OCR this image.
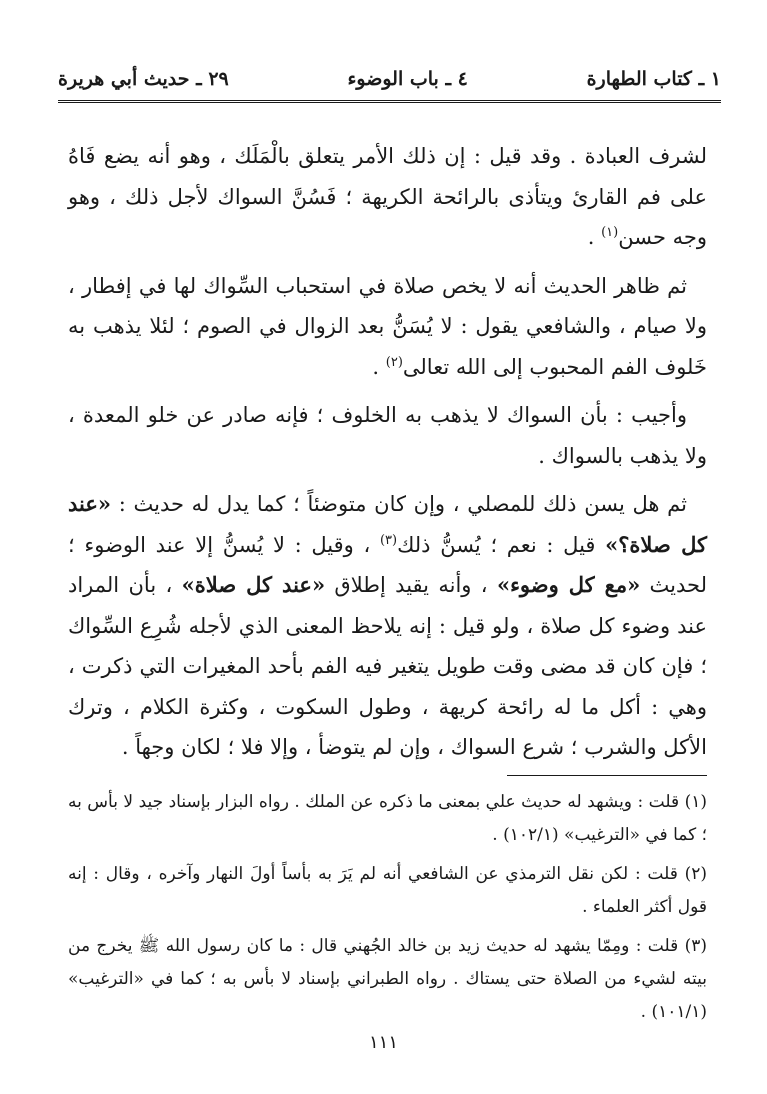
١ ـ كتاب الطهارة
٤ ـ باب الوضوء
٢٩ ـ حديث أبي هريرة

لشرف العبادة . وقد قيل : إن ذلك الأمر يتعلق بالْمَلَك ، وهو أنه يضع فَاهُ على فم القارئ ويتأذى بالرائحة الكريهة ؛ فَسُنَّ السواك لأجل ذلك ، وهو وجه حسن$^{(١)}$ .

ثم ظاهر الحديث أنه لا يخص صلاة في استحباب السِّواك لها في إفطار ، ولا صيام ، والشافعي يقول : لا يُسَنُّ بعد الزوال في الصوم ؛ لئلا يذهب به خَلوف الفم المحبوب إلى الله تعالى$^{(٢)}$ .

وأجيب : بأن السواك لا يذهب به الخلوف ؛ فإنه صادر عن خلو المعدة ، ولا يذهب بالسواك .

ثم هل يسن ذلك للمصلي ، وإن كان متوضئاً ؛ كما يدل له حديث : «عند كل صلاة؟» قيل : نعم ؛ يُسنُّ ذلك$^{(٣)}$ ، وقيل : لا يُسنُّ إلا عند الوضوء ؛ لحديث «مع كل وضوء» ، وأنه يقيد إطلاق «عند كل صلاة» ، بأن المراد عند وضوء كل صلاة ، ولو قيل : إنه يلاحظ المعنى الذي لأجله شُرِع السِّواك ؛ فإن كان قد مضى وقت طويل يتغير فيه الفم بأحد المغيرات التي ذكرت ، وهي : أكل ما له رائحة كريهة ، وطول السكوت ، وكثرة الكلام ، وترك الأكل والشرب ؛ شرع السواك ، وإن لم يتوضأ ، وإلا فلا ؛ لكان وجهاً .

(١) قلت : ويشهد له حديث علي بمعنى ما ذكره عن الملك . رواه البزار بإسناد جيد لا بأس به ؛ كما في «الترغيب» (١٠٢/١) .

(٢) قلت : لكن نقل الترمذي عن الشافعي أنه لم يَرَ به بأساً أولَ النهار وآخره ، وقال : إنه قول أكثر العلماء .

(٣) قلت : ومِمّا يشهد له حديث زيد بن خالد الجُهني قال : ما كان رسول الله ﷺ يخرج من بيته لشيء من الصلاة حتى يستاك . رواه الطبراني بإسناد لا بأس به ؛ كما في «الترغيب» (١٠١/١) .

١١١
